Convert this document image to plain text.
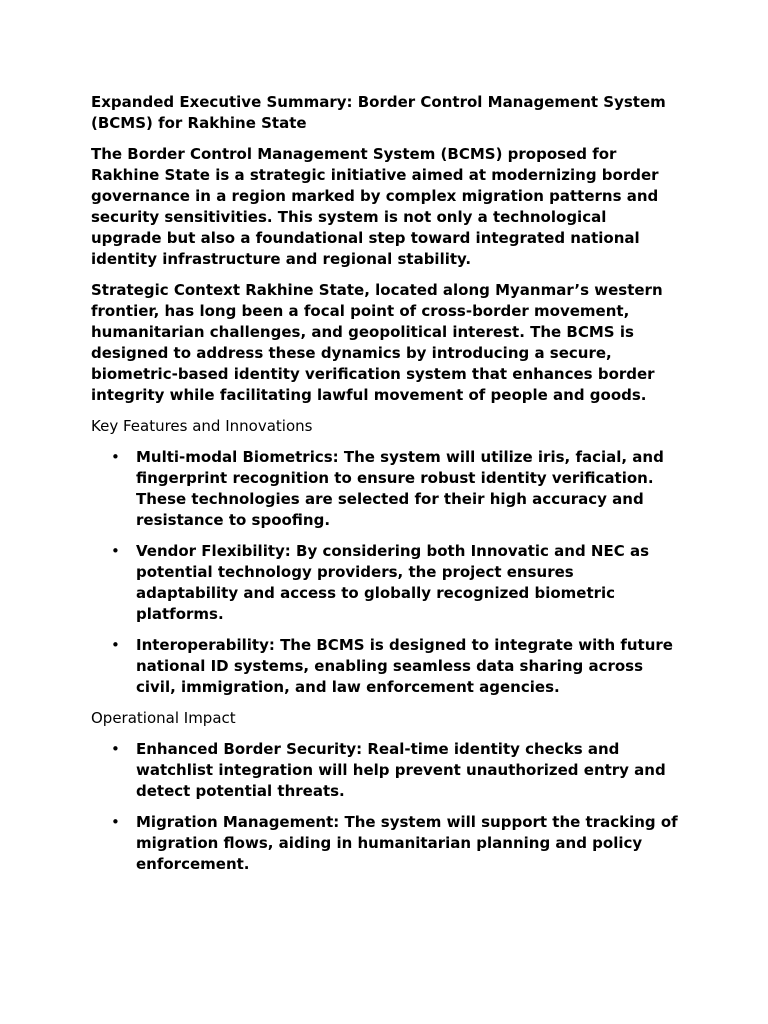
Expanded Executive Summary: Border Control Management System (BCMS) for Rakhine State

The Border Control Management System (BCMS) proposed for Rakhine State is a strategic initiative aimed at modernizing border governance in a region marked by complex migration patterns and security sensitivities. This system is not only a technological upgrade but also a foundational step toward integrated national identity infrastructure and regional stability.

Strategic Context Rakhine State, located along Myanmar’s western frontier, has long been a focal point of cross-border movement, humanitarian challenges, and geopolitical interest. The BCMS is designed to address these dynamics by introducing a secure, biometric-based identity verification system that enhances border integrity while facilitating lawful movement of people and goods.

Key Features and Innovations

• Multi-modal Biometrics: The system will utilize iris, facial, and fingerprint recognition to ensure robust identity verification. These technologies are selected for their high accuracy and resistance to spoofing.
• Vendor Flexibility: By considering both Innovatic and NEC as potential technology providers, the project ensures adaptability and access to globally recognized biometric platforms.
• Interoperability: The BCMS is designed to integrate with future national ID systems, enabling seamless data sharing across civil, immigration, and law enforcement agencies.

Operational Impact

• Enhanced Border Security: Real-time identity checks and watchlist integration will help prevent unauthorized entry and detect potential threats.
• Migration Management: The system will support the tracking of migration flows, aiding in humanitarian planning and policy enforcement.
